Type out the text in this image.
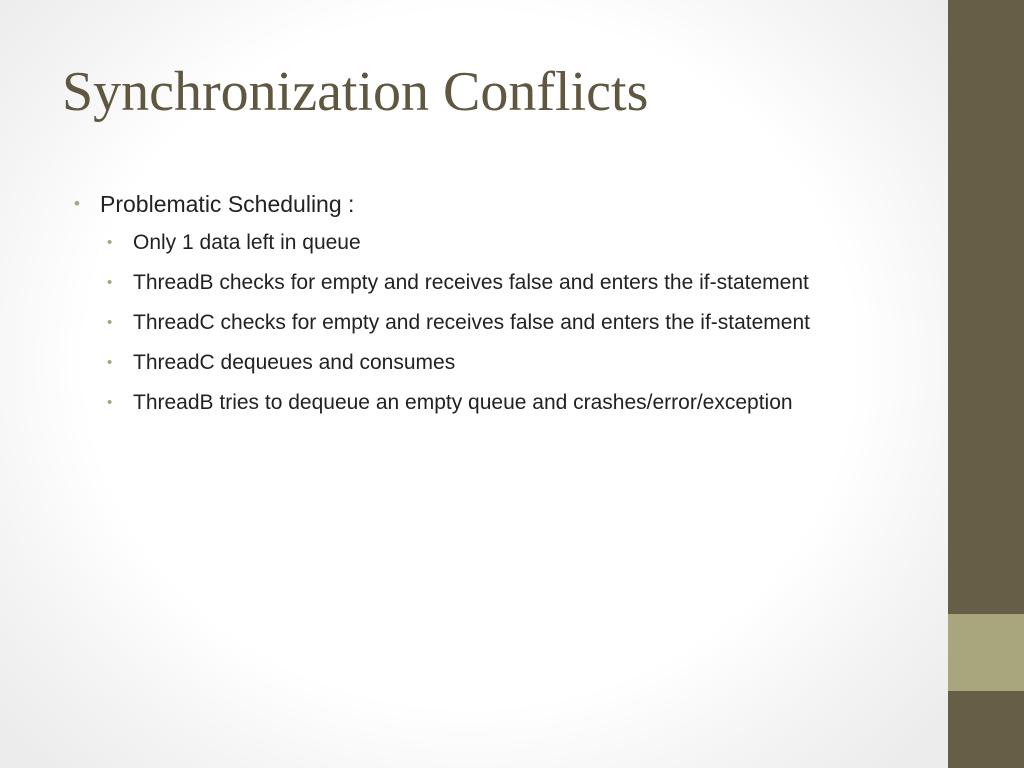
Synchronization Conflicts
• Problematic Scheduling :
• Only 1 data left in queue
• ThreadB checks for empty and receives false and enters the if-statement
• ThreadC checks for empty and receives false and enters the if-statement
• ThreadC dequeues and consumes
• ThreadB tries to dequeue an empty queue and crashes/error/exception
